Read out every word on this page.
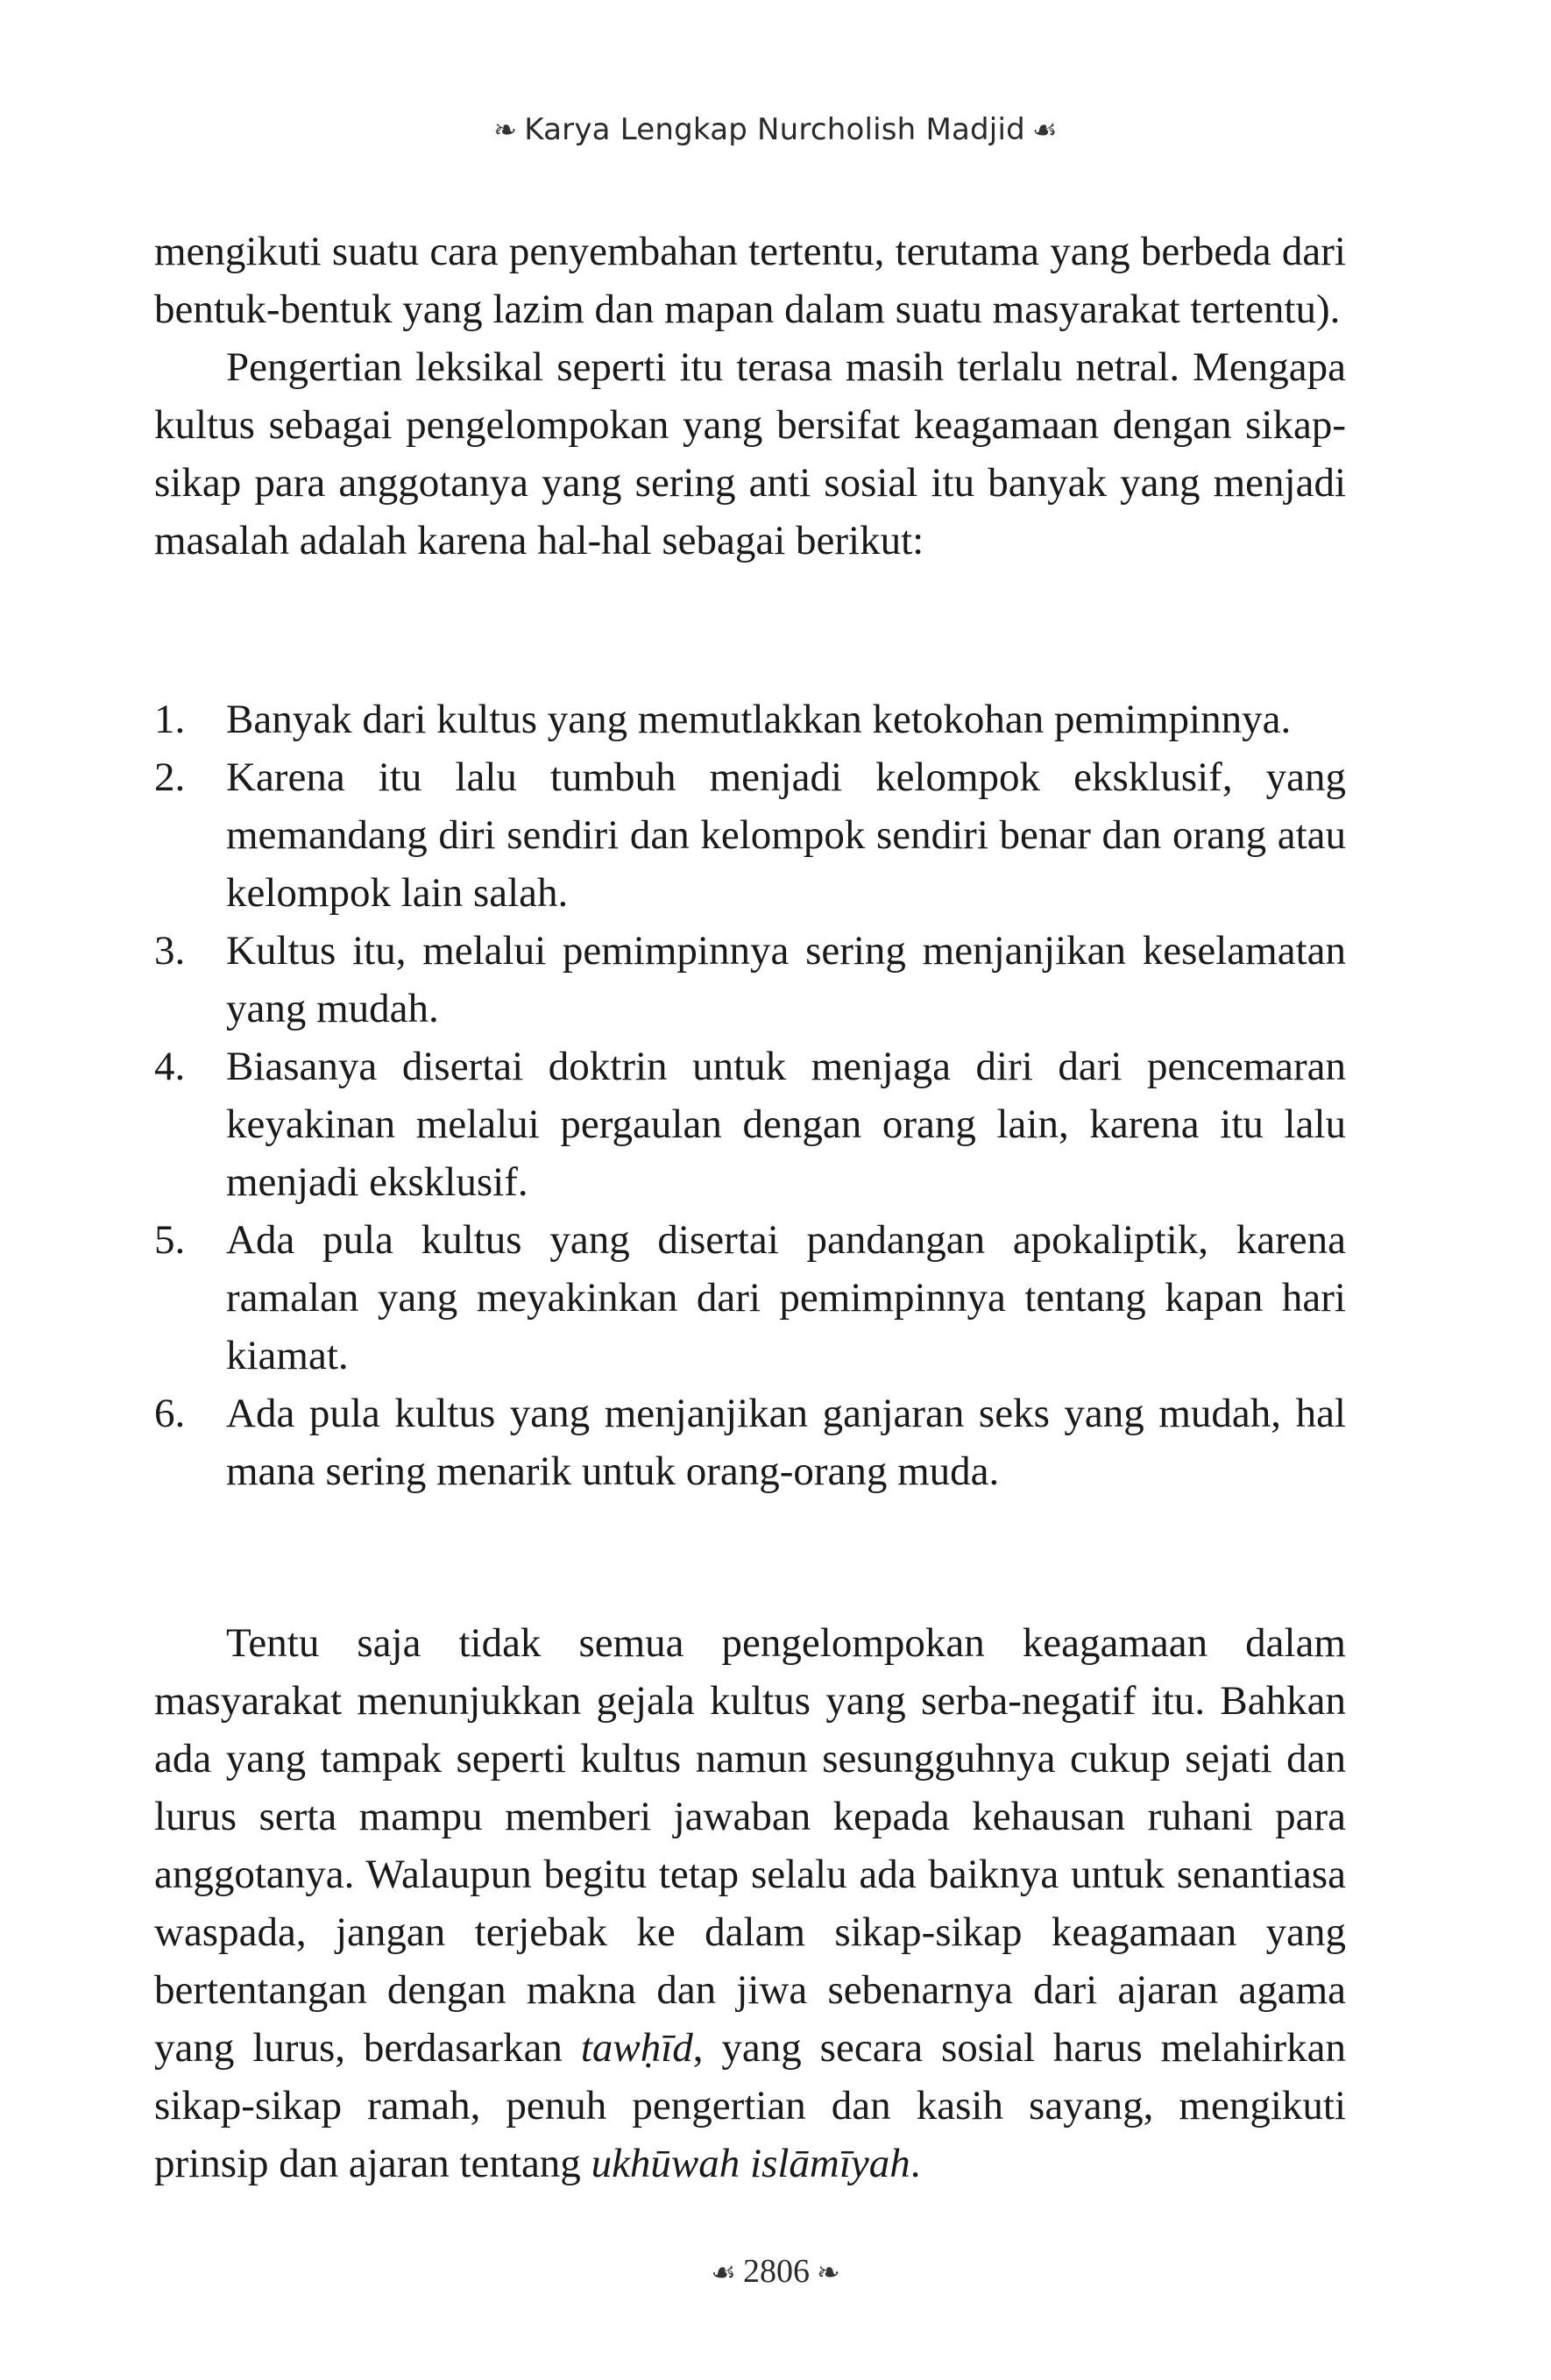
❧ Karya Lengkap Nurcholish Madjid ☙

mengikuti suatu cara penyembahan tertentu, terutama yang berbeda dari bentuk-bentuk yang lazim dan mapan dalam suatu masyarakat tertentu).

Pengertian leksikal seperti itu terasa masih terlalu netral. Mengapa kultus sebagai pengelompokan yang bersifat keagamaan dengan sikap-sikap para anggotanya yang sering anti sosial itu banyak yang menjadi masalah adalah karena hal-hal sebagai berikut:

1. Banyak dari kultus yang memutlakkan ketokohan pemimpinnya.
2. Karena itu lalu tumbuh menjadi kelompok eksklusif, yang memandang diri sendiri dan kelompok sendiri benar dan orang atau kelompok lain salah.
3. Kultus itu, melalui pemimpinnya sering menjanjikan keselamatan yang mudah.
4. Biasanya disertai doktrin untuk menjaga diri dari pencemaran keyakinan melalui pergaulan dengan orang lain, karena itu lalu menjadi eksklusif.
5. Ada pula kultus yang disertai pandangan apokaliptik, karena ramalan yang meyakinkan dari pemimpinnya tentang kapan hari kiamat.
6. Ada pula kultus yang menjanjikan ganjaran seks yang mudah, hal mana sering menarik untuk orang-orang muda.

Tentu saja tidak semua pengelompokan keagamaan dalam masyarakat menunjukkan gejala kultus yang serba-negatif itu. Bahkan ada yang tampak seperti kultus namun sesungguhnya cukup sejati dan lurus serta mampu memberi jawaban kepada kehausan ruhani para anggotanya. Walaupun begitu tetap selalu ada baiknya untuk senantiasa waspada, jangan terjebak ke dalam sikap-sikap keagamaan yang bertentangan dengan makna dan jiwa sebenarnya dari ajaran agama yang lurus, berdasarkan tawḥīd, yang secara sosial harus melahirkan sikap-sikap ramah, penuh pengertian dan kasih sayang, mengikuti prinsip dan ajaran tentang ukhūwah islāmīyah.

☙ 2806 ❧
